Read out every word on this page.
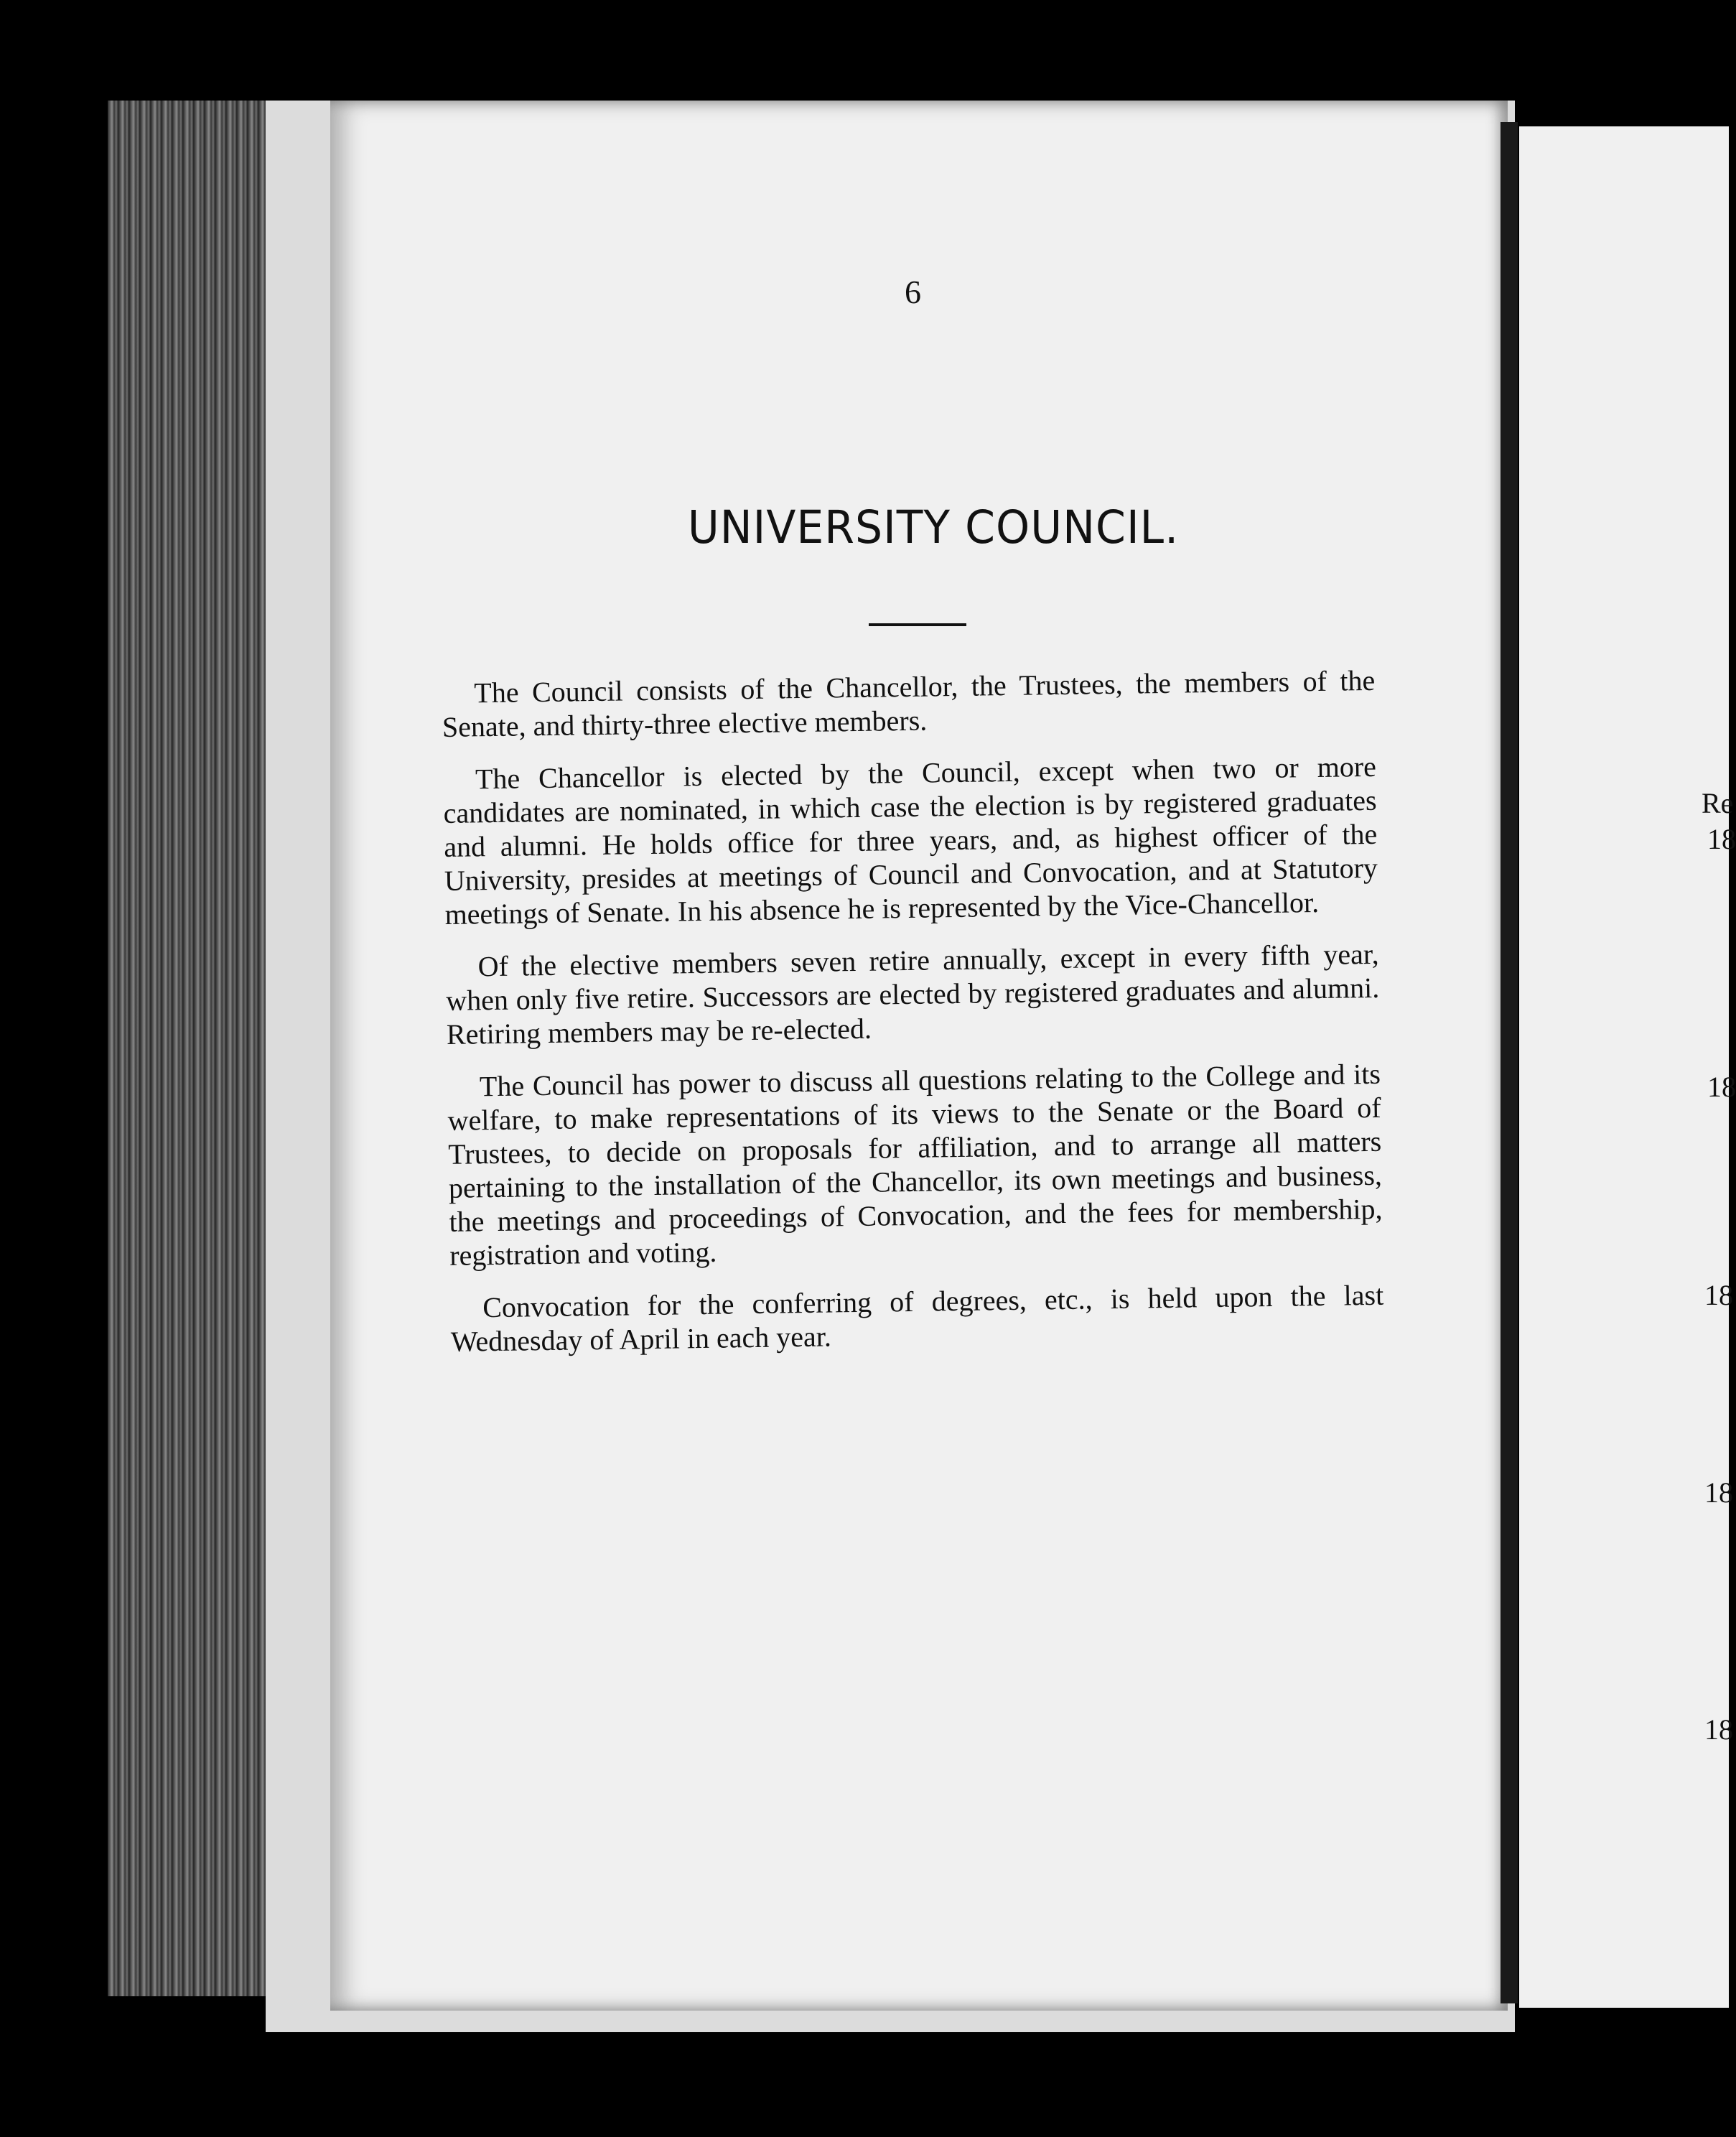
6
UNIVERSITY COUNCIL.

The Council consists of the Chancellor, the Trustees, the members of the Senate, and thirty-three elective members.

The Chancellor is elected by the Council, except when two or more candidates are nominated, in which case the election is by registered graduates and alumni. He holds office for three years, and, as highest officer of the University, presides at meetings of Council and Convocation, and at Statutory meetings of Senate. In his absence he is represented by the Vice-Chancellor.

Of the elective members seven retire annually, except in every fifth year, when only five retire. Successors are elected by registered graduates and alumni. Retiring members may be re-elected.

The Council has power to discuss all questions relating to the College and its welfare, to make representations of its views to the Senate or the Board of Trustees, to decide on proposals for affiliation, and to arrange all matters pertaining to the installation of the Chancellor, its own meetings and business, the meetings and proceedings of Convocation, and the fees for membership, registration and voting.

Convocation for the conferring of degrees, etc., is held upon the last Wednesday of April in each year.

Re
18
18
18
18
18
